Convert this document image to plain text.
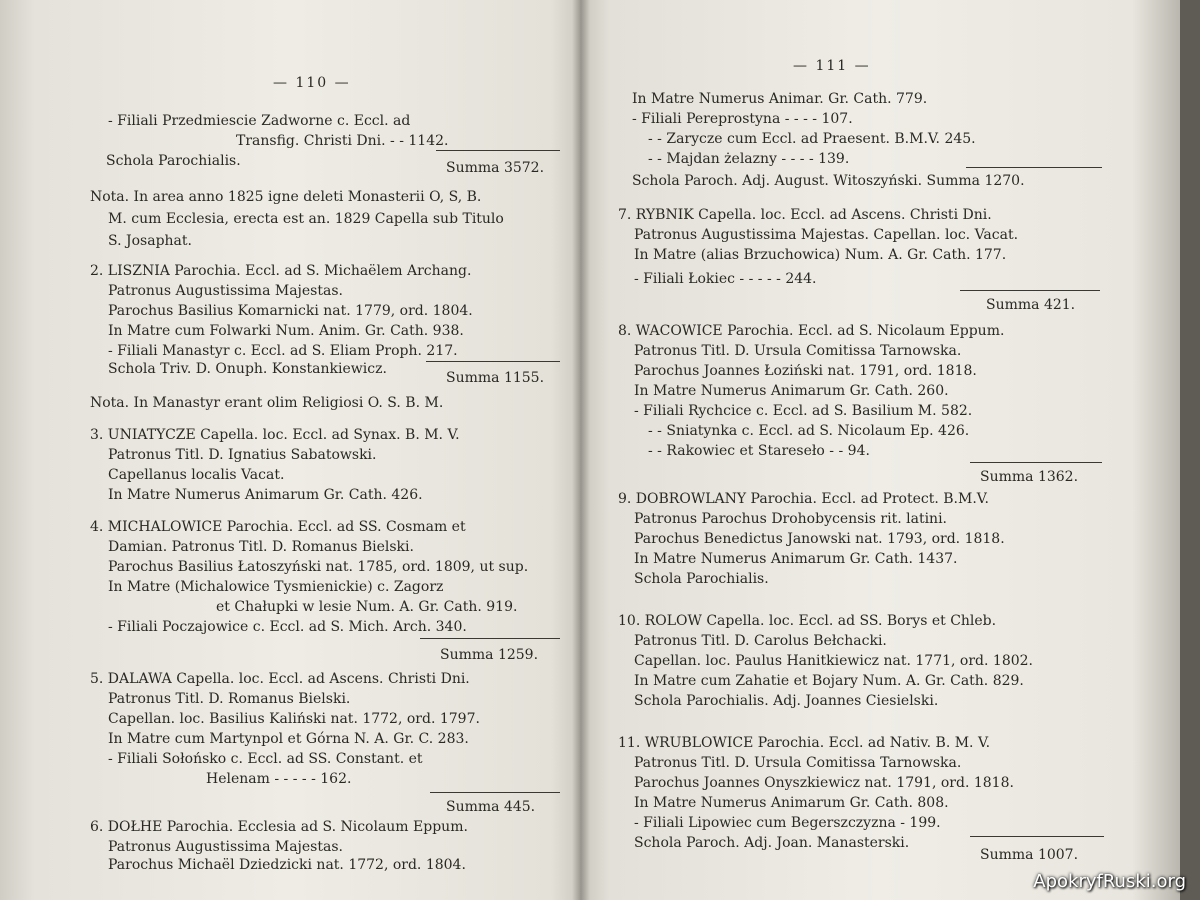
— 110 —
- Filiali Przedmiescie Zadworne c. Eccl. ad
Transfig. Christi Dni. - - 1142.
Schola Parochialis.	Summa 3572.
Nota. In area anno 1825 igne deleti Monasterii O, S, B.
M. cum Ecclesia, erecta est an. 1829 Capella sub Titulo
S. Josaphat.
2. LISZNIA Parochia. Eccl. ad S. Michaëlem Archang.
Patronus Augustissima Majestas.
Parochus Basilius Komarnicki nat. 1779, ord. 1804.
In Matre cum Folwarki Num. Anim. Gr. Cath. 938.
- Filiali Manastyr c. Eccl. ad S. Eliam Proph. 217.
Schola Triv. D. Onuph. Konstankiewicz.
Summa 1155.
Nota. In Manastyr erant olim Religiosi O. S. B. M.
3. UNIATYCZE Capella. loc. Eccl. ad Synax. B. M. V.
Patronus Titl. D. Ignatius Sabatowski.
Capellanus localis Vacat.
In Matre Numerus Animarum Gr. Cath. 426.
4. MICHALOWICE Parochia. Eccl. ad SS. Cosmam et
Damian. Patronus Titl. D. Romanus Bielski.
Parochus Basilius Łatoszyński nat. 1785, ord. 1809, ut sup.
In Matre (Michalowice Tysmienickie) c. Zagorz
et Chałupki w lesie Num. A. Gr. Cath. 919.
- Filiali Poczajowice c. Eccl. ad S. Mich. Arch. 340.
Summa 1259.
5. DALAWA Capella. loc. Eccl. ad Ascens. Christi Dni.
Patronus Titl. D. Romanus Bielski.
Capellan. loc. Basilius Kaliński nat. 1772, ord. 1797.
In Matre cum Martynpol et Górna N. A. Gr. C. 283.
- Filiali Sołońsko c. Eccl. ad SS. Constant. et
Helenam - - - - - 162.
Summa 445.
6. DOŁHE Parochia. Ecclesia ad S. Nicolaum Eppum.
Patronus Augustissima Majestas.
Parochus Michaël Dziedzicki nat. 1772, ord. 1804.
— 111 —
In Matre Numerus Animar. Gr. Cath. 779.
- Filiali Pereprostyna - - - - 107.
- - Zarycze cum Eccl. ad Praesent. B.M.V. 245.
- - Majdan żelazny - - - - 139.
Schola Paroch. Adj. August. Witoszyński. Summa 1270.
7. RYBNIK Capella. loc. Eccl. ad Ascens. Christi Dni.
Patronus Augustissima Majestas. Capellan. loc. Vacat.
In Matre (alias Brzuchowica) Num. A. Gr. Cath. 177.
- Filiali Łokiec - - - - - 244.
Summa 421.
8. WACOWICE Parochia. Eccl. ad S. Nicolaum Eppum.
Patronus Titl. D. Ursula Comitissa Tarnowska.
Parochus Joannes Łoziński nat. 1791, ord. 1818.
In Matre Numerus Animarum Gr. Cath. 260.
- Filiali Rychcice c. Eccl. ad S. Basilium M. 582.
- - Sniatynka c. Eccl. ad S. Nicolaum Ep. 426.
- - Rakowiec et Stareseło - - 94.
Summa 1362.
9. DOBROWLANY Parochia. Eccl. ad Protect. B.M.V.
Patronus Parochus Drohobycensis rit. latini.
Parochus Benedictus Janowski nat. 1793, ord. 1818.
In Matre Numerus Animarum Gr. Cath. 1437.
Schola Parochialis.
10. ROLOW Capella. loc. Eccl. ad SS. Borys et Chleb.
Patronus Titl. D. Carolus Bełchacki.
Capellan. loc. Paulus Hanitkiewicz nat. 1771, ord. 1802.
In Matre cum Zahatie et Bojary Num. A. Gr. Cath. 829.
Schola Parochialis. Adj. Joannes Ciesielski.
11. WRUBLOWICE Parochia. Eccl. ad Nativ. B. M. V.
Patronus Titl. D. Ursula Comitissa Tarnowska.
Parochus Joannes Onyszkiewicz nat. 1791, ord. 1818.
In Matre Numerus Animarum Gr. Cath. 808.
- Filiali Lipowiec cum Begerszczyzna - 199.
Schola Paroch. Adj. Joan. Manasterski.
Summa 1007.
ApokryfRuski.org
